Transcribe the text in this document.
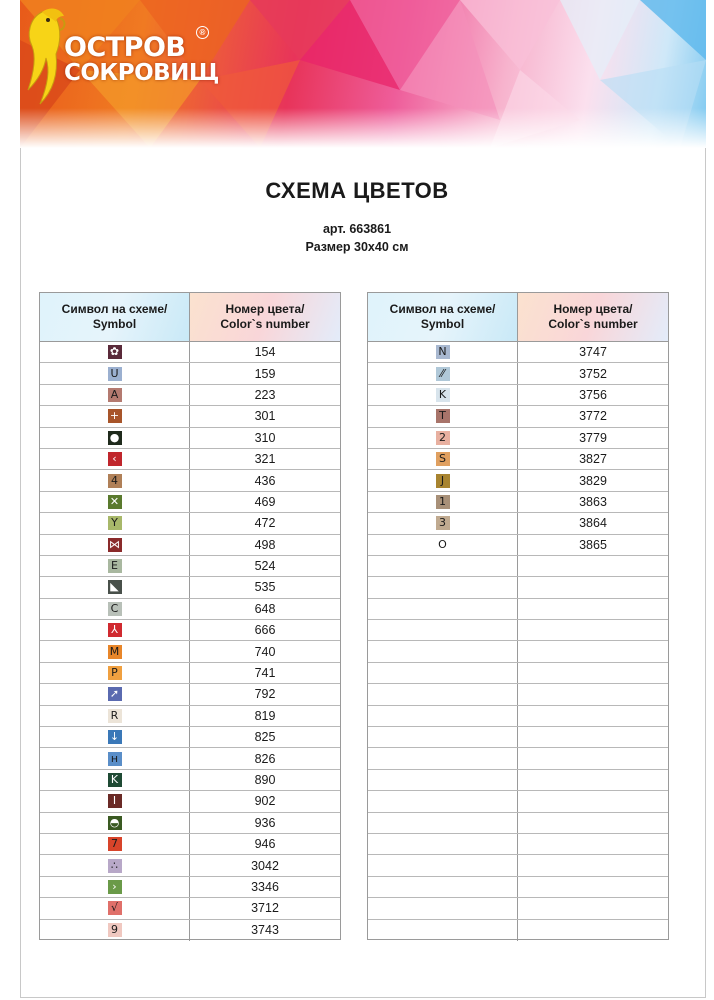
ОСТРОВ
СОКРОВИЩ
®
СХЕМА ЦВЕТОВ
арт. 663861
Размер 30х40 см
Символ на схеме/
Symbol
Номер цвета/
Color`s number
✿	154
U	159
A	223
+	301
●	310
‹	321
4	436
✕	469
Y	472
⋈	498
E	524
◣	535
C	648
⅄	666
M	740
P	741
➚	792
R	819
↓	825
н	826
K	890
I	902
◓	936
7	946
∴	3042
›	3346
√	3712
9	3743
Символ на схеме/
Symbol
Номер цвета/
Color`s number
N	3747
⁄⁄	3752
K	3756
T	3772
2	3779
S	3827
J	3829
1	3863
3	3864
O	3865
